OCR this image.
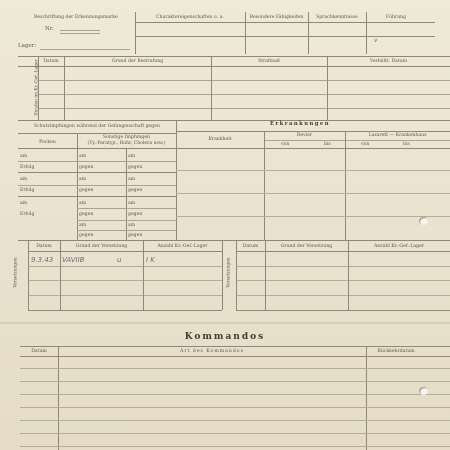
Beschriftung der Erkennungsmarke
Nr.
Lager:
Charaktereigenschaften u. a.	Besondere Fähigkeiten	Sprachkenntnisse	Führung
v
Strafen im Kr.-Gef.-Lager Datum	Grund der Bestrafung	Strafmaß	Verbüßt, Datum
Schutzimpfungen während der Gefangenschaft gegen
Pocken
Sonstige Impfungen
(Ty.-Paratyp., Ruhr, Cholera usw.)
Erkrankungen
Krankheit
Revier	Lazarett — Krankenhaus
von	bis	von	bis
am	am	am
Erfolg	gegen	gegen
am	am	am
Erfolg	gegen	gegen
am	am	am
Erfolg	gegen	gegen
am	am
gegen	gegen
Versetzungen	Versetzungen
Datum	Grund der Versetzung	Anzahl Kr.-Gef.-Lager	Datum	Grund der Versetzung	Anzahl Kr.-Gef.-Lager
9.3.43 VAVIIB	u	I K
Kommandos
Datum	Art des Kommandos	Rückkehrdatum
